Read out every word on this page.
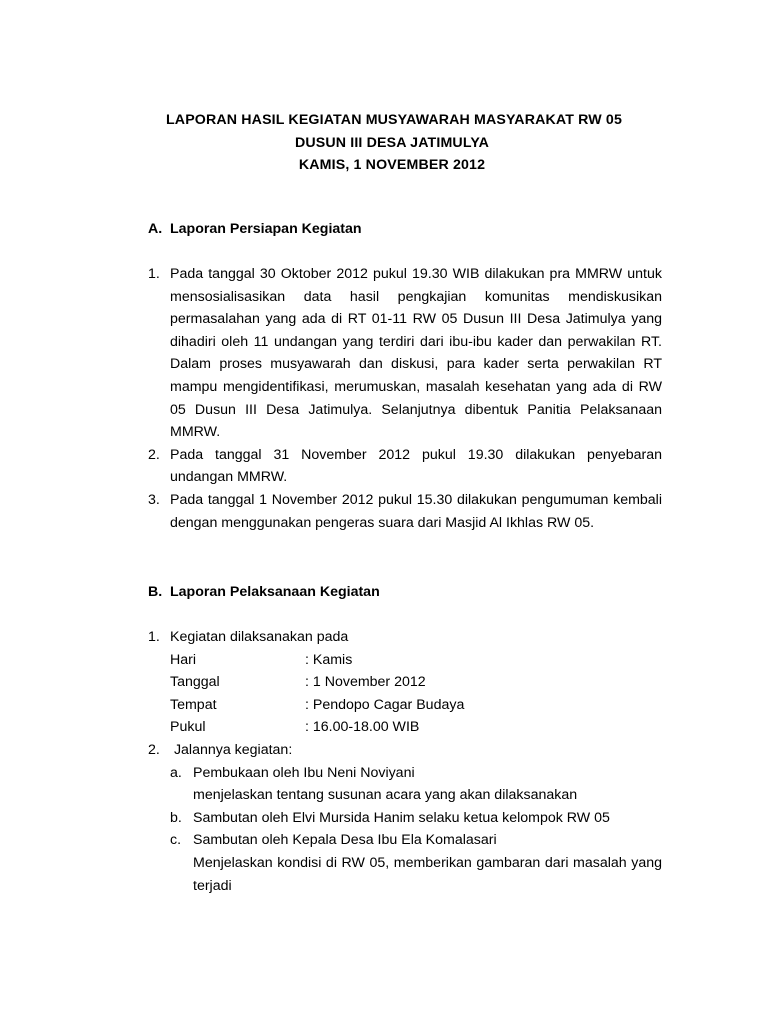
LAPORAN HASIL KEGIATAN MUSYAWARAH MASYARAKAT RW 05
DUSUN III DESA JATIMULYA
KAMIS, 1 NOVEMBER 2012
A. Laporan Persiapan Kegiatan
1. Pada tanggal 30 Oktober 2012 pukul 19.30 WIB dilakukan pra MMRW untuk mensosialisasikan data hasil pengkajian komunitas mendiskusikan permasalahan yang ada di RT 01-11 RW 05 Dusun III Desa Jatimulya yang dihadiri oleh 11 undangan yang terdiri dari ibu-ibu kader dan perwakilan RT. Dalam proses musyawarah dan diskusi, para kader serta perwakilan RT mampu mengidentifikasi, merumuskan, masalah kesehatan yang ada di RW 05 Dusun III Desa Jatimulya. Selanjutnya dibentuk Panitia Pelaksanaan MMRW.
2. Pada tanggal 31 November 2012 pukul 19.30 dilakukan penyebaran undangan MMRW.
3. Pada tanggal 1 November 2012 pukul 15.30 dilakukan pengumuman kembali dengan menggunakan pengeras suara dari Masjid Al Ikhlas RW 05.
B. Laporan Pelaksanaan Kegiatan
1. Kegiatan dilaksanakan pada
Hari	: Kamis
Tanggal	: 1 November 2012
Tempat	: Pendopo Cagar Budaya
Pukul	: 16.00-18.00 WIB
2. Jalannya kegiatan:
a. Pembukaan oleh Ibu Neni Noviyani
menjelaskan tentang susunan acara yang akan dilaksanakan
b. Sambutan oleh Elvi Mursida Hanim selaku ketua kelompok RW 05
c. Sambutan oleh Kepala Desa Ibu Ela Komalasari
Menjelaskan kondisi di RW 05, memberikan gambaran dari masalah yang terjadi
